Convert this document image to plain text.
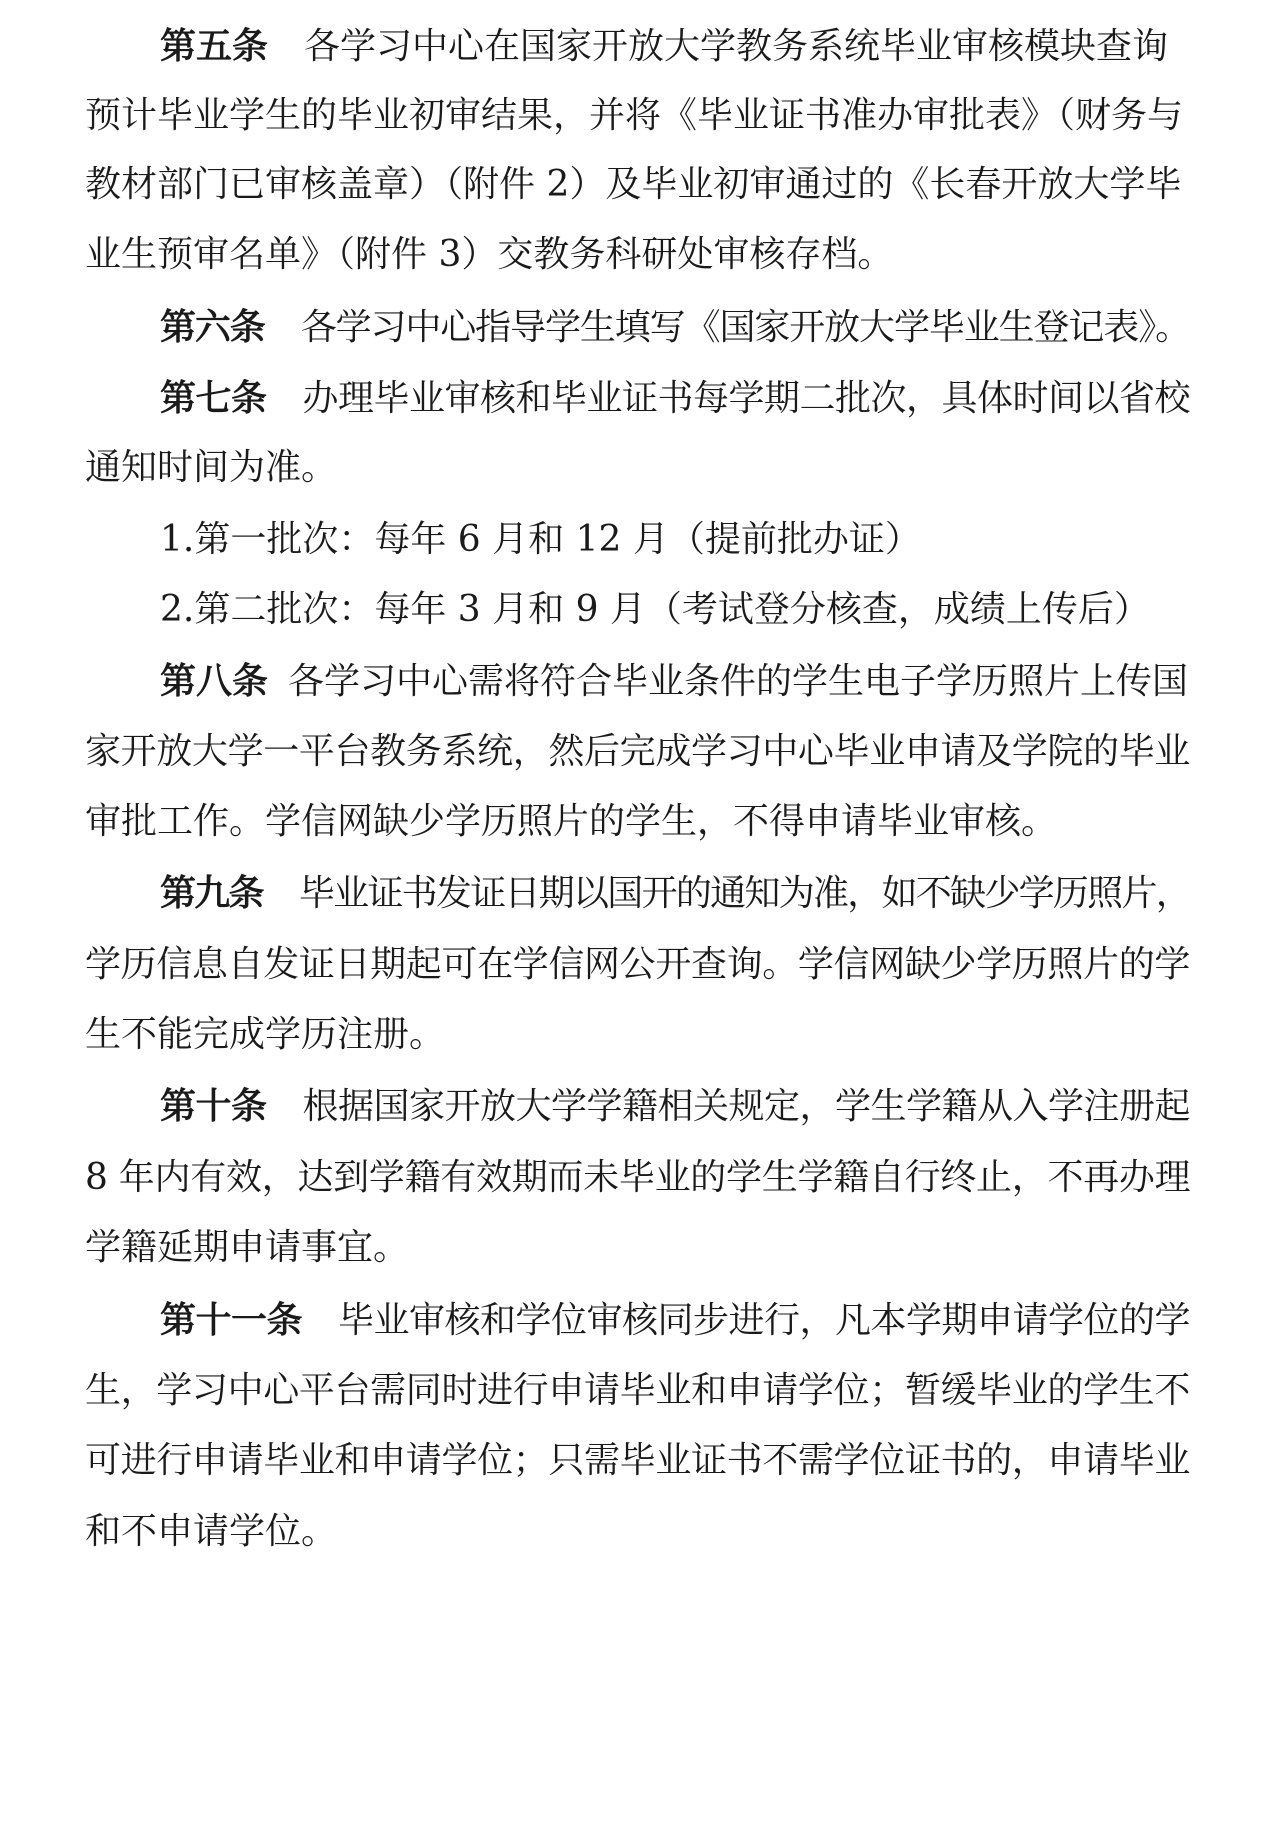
第五条 各学习中心在国家开放大学教务系统毕业审核模块查询
预计毕业学生的毕业初审结果，并将《毕业证书准办审批表》（财务与
教材部门已审核盖章）（附件 2）及毕业初审通过的《长春开放大学毕
业生预审名单》（附件 3）交教务科研处审核存档。
第六条 各学习中心指导学生填写《国家开放大学毕业生登记表》。
第七条 办理毕业审核和毕业证书每学期二批次，具体时间以省校
通知时间为准。
1.第一批次：每年 6 月和 12 月（提前批办证）
2.第二批次：每年 3 月和 9 月（考试登分核查，成绩上传后）
第八条 各学习中心需将符合毕业条件的学生电子学历照片上传国
家开放大学一平台教务系统，然后完成学习中心毕业申请及学院的毕业
审批工作。学信网缺少学历照片的学生，不得申请毕业审核。
第九条 毕业证书发证日期以国开的通知为准，如不缺少学历照片，
学历信息自发证日期起可在学信网公开查询。学信网缺少学历照片的学
生不能完成学历注册。
第十条 根据国家开放大学学籍相关规定，学生学籍从入学注册起
8 年内有效，达到学籍有效期而未毕业的学生学籍自行终止，不再办理
学籍延期申请事宜。
第十一条 毕业审核和学位审核同步进行，凡本学期申请学位的学
生，学习中心平台需同时进行申请毕业和申请学位；暂缓毕业的学生不
可进行申请毕业和申请学位；只需毕业证书不需学位证书的，申请毕业
和不申请学位。
